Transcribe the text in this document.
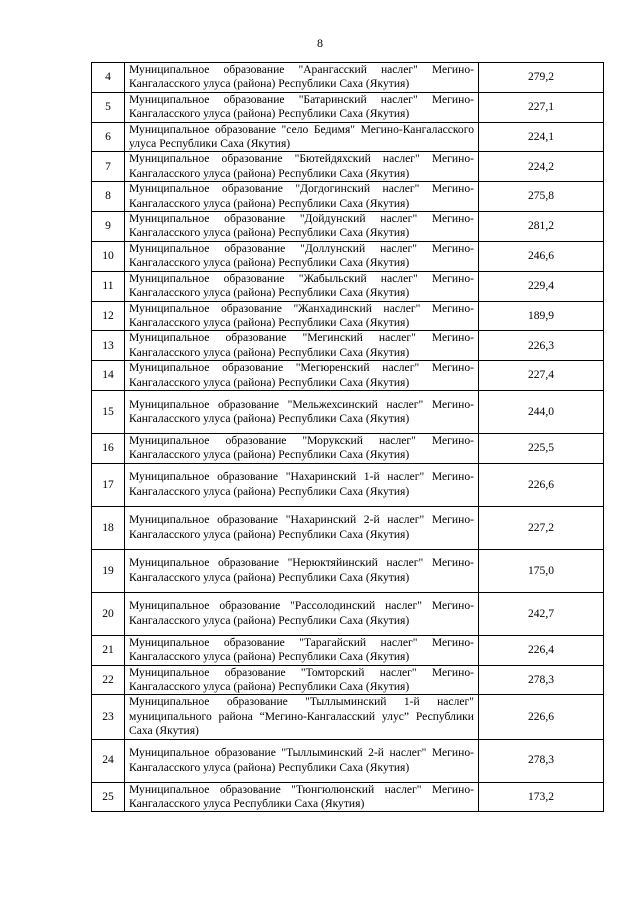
8
4	Муниципальное образование "Арангасский наслег" Мегино-Кангаласского улуса (района) Республики Саха (Якутия)	279,2
5	Муниципальное образование "Батаринский наслег" Мегино-Кангаласского улуса (района) Республики Саха (Якутия)	227,1
6	Муниципальное образование "село Бедимя" Мегино-Кангаласского улуса Республики Саха (Якутия)	224,1
7	Муниципальное образование "Бютейдяхский наслег" Мегино-Кангаласского улуса (района) Республики Саха (Якутия)	224,2
8	Муниципальное образование "Догдогинский наслег" Мегино-Кангаласского улуса (района) Республики Саха (Якутия)	275,8
9	Муниципальное образование "Дойдунский наслег" Мегино-Кангаласского улуса (района) Республики Саха (Якутия)	281,2
10	Муниципальное образование "Доллунский наслег" Мегино-Кангаласского улуса (района) Республики Саха (Якутия)	246,6
11	Муниципальное образование "Жабыльский наслег" Мегино-Кангаласского улуса (района) Республики Саха (Якутия)	229,4
12	Муниципальное образование "Жанхадинский наслег" Мегино-Кангаласского улуса (района) Республики Саха (Якутия)	189,9
13	Муниципальное образование "Мегинский наслег" Мегино-Кангаласского улуса (района) Республики Саха (Якутия)	226,3
14	Муниципальное образование "Мегюренский наслег" Мегино-Кангаласского улуса (района) Республики Саха (Якутия)	227,4
15	Муниципальное образование "Мельжехсинский наслег" Мегино-Кангаласского улуса (района) Республики Саха (Якутия)	244,0
16	Муниципальное образование "Морукский наслег" Мегино-Кангаласского улуса (района) Республики Саха (Якутия)	225,5
17	Муниципальное образование "Нахаринский 1-й наслег" Мегино-Кангаласского улуса (района) Республики Саха (Якутия)	226,6
18	Муниципальное образование "Нахаринский 2-й наслег" Мегино-Кангаласского улуса (района) Республики Саха (Якутия)	227,2
19	Муниципальное образование "Нерюктяйинский наслег" Мегино-Кангаласского улуса (района) Республики Саха (Якутия)	175,0
20	Муниципальное образование "Рассолодинский наслег" Мегино-Кангаласского улуса (района) Республики Саха (Якутия)	242,7
21	Муниципальное образование "Тарагайский наслег" Мегино-Кангаласского улуса (района) Республики Саха (Якутия)	226,4
22	Муниципальное образование "Томторский наслег" Мегино-Кангаласского улуса (района) Республики Саха (Якутия)	278,3
23	Муниципальное образование "Тыллыминский 1-й наслег" муниципального района “Мегино-Кангаласский улус” Республики Саха (Якутия)	226,6
24	Муниципальное образование "Тыллыминский 2-й наслег" Мегино-Кангаласского улуса (района) Республики Саха (Якутия)	278,3
25	Муниципальное образование "Тюнгюлюнский наслег" Мегино-Кангаласского улуса Республики Саха (Якутия)	173,2
